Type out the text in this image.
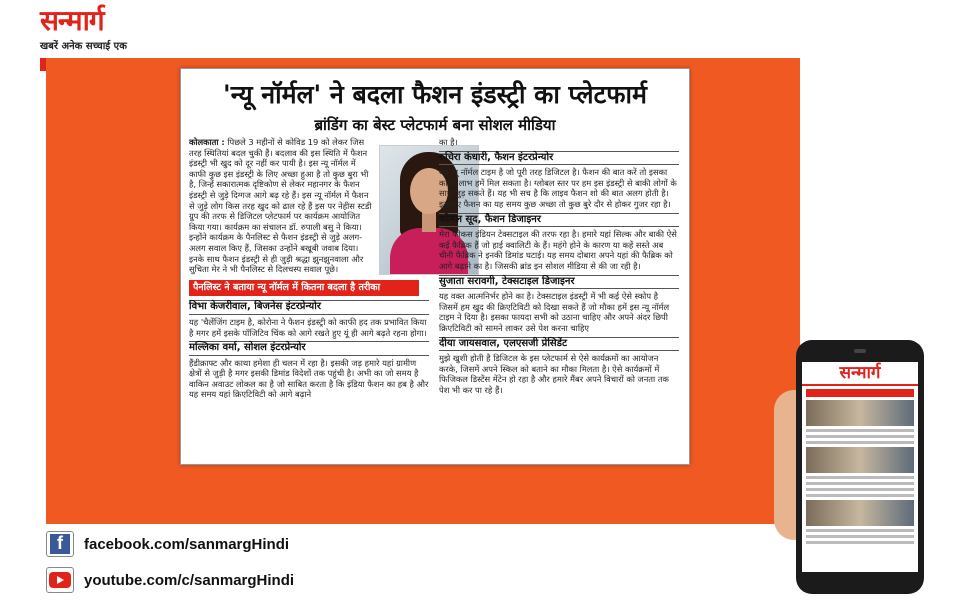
सन्मार्ग
खबरें अनेक सच्चाई एक
'न्यू नॉर्मल' ने बदला फैशन इंडस्ट्री का प्लेटफार्म
ब्रांडिंग का बेस्ट प्लेटफार्म बना सोशल मीडिया
कोलकाता : पिछले 3 महीनों से कोविड 19 को लेकर जिस तरह स्थितियां बदल चुकी हैं। बदलाव की इस स्थिति में फैशन इंडस्ट्री भी खुद को दूर नहीं कर पायी है। इस न्यू नॉर्मल में काफी कुछ इस इंडस्ट्री के लिए अच्छा हुआ है तो कुछ बुरा भी है, जिन्हें सकारात्मक दृष्टिकोण से लेकर महानगर के फैशन इंडस्ट्री से जुड़े दिग्गज आगे बढ़ रहे हैं। इस न्यू नॉर्मल में फैशन से जुड़े लोग किस तरह खुद को ढाल रहे हैं इस पर नेहीस स्टडी ग्रुप की तरफ से डिजिटल प्लेटफार्म पर कार्यक्रम आयोजित किया गया। कार्यक्रम का संचालन डॉ. रुपाली बसु ने किया। इन्होंने कार्यक्रम के पैनलिस्ट से फैशन इंडस्ट्री से जुड़े अलग-अलग सवाल किए हैं, जिसका उन्होंने बखूबी जवाब दिया। इनके साथ फैशन इंडस्ट्री से ही जुड़ी श्रद्धा झुनझुनवाला और सुचिता मेर ने भी पैनलिस्ट से दिलचस्प सवाल पूछे।
पैनलिस्ट ने बताया न्यू नॉर्मल में कितना बदला है तरीका
विभा केजरीवाल, बिजनेस इंटरप्रेन्योर
यह 'चैलेंजिंग टाइम है, कोरोना ने फैशन इंडस्ट्री को काफी हद तक प्रभावित किया है मगर हमें इसके पॉजिटिव चिंक को आगे रखते हुए यूं ही आगे बढ़ते रहना होगा।
मल्लिका वर्मा, सोशल इंटरप्रेन्योर
हैंडीक्राफ्ट और काथा हमेशा ही चलन में रहा है। इसकी जड़ हमारे यहां ग्रामीण क्षेत्रों से जुड़ी है मगर इसकी डिमांड विदेशों तक पहुंची है। अभी का जो समय है वाकिन अवाउट लोकल का है जो साबित करता है कि इंडिया फैशन का हब है और यह समय यहां क्रिएटिविटी को आगे बढ़ाने
का है।
रुचिरा कंधारी, फैशन इंटरप्रेन्योर
यह न्यू नॉर्मल टाइम है जो पूरी तरह डिजिटल है। फैशन की बात करें तो इसका काफी लाभ हमें मिल सकता है। ग्लोबल स्तर पर हम इस इंडस्ट्री से बाकी लोगों के साथ जुड़ सकते हैं। यह भी सच है कि लाइव फैशन शो की बात अलग होती है। इसलिए फैशन का यह समय कुछ अच्छा तो कुछ बुरे दौर से होकर गुजर रहा है।
कोमल सूद, फैशन डिजाइनर
मेरा फोकस इंडियन टेक्सटाइल की तरफ रहा है। हमारे यहां सिल्क और बाकी ऐसे कई फैब्रिक हैं जो हाई क्वालिटी के हैं। महंगे होने के कारण या कहें सस्ते अब चीनी फैब्रिक ने इनकी डिमांड घटाई। यह समय दोबारा अपने यहां की फैब्रिक को आगे बढ़ाने का है। जिसकी ब्रांड इन सोशल मीडिया से की जा रही है।
सुजाता सरावगी, टेक्सटाइल डिजाइनर
यह वक्त आत्मनिर्भर होने का है। टेक्सटाइल इंडस्ट्री में भी कई ऐसे स्कोप है जिसमें हम खुद की क्रिएटिविटी को दिखा सकते हैं जो मौका हमें इस न्यू नॉर्मल टाइम ने दिया है। इसका फायदा सभी को उठाना चाहिए और अपने अंदर छिपी क्रिएटिविटी को सामने लाकर उसे पेश करना चाहिए
दीया जायसवाल, एलएसजी प्रेसिडेंट
मुझे खुशी होती है डिजिटल के इस प्लेटफार्म से ऐसे कार्यक्रमों का आयोजन करके, जिसमें अपने स्किल को बताने का मौका मिलता है। ऐसे कार्यक्रमों में फिजिकल डिस्टेंस मेंटेन हो रहा है और हमारे मैंबर अपने विचारों को जनता तक पेश भी कर पा रहे हैं।
f	facebook.com/sanmargHindi
youtube.com/c/sanmargHindi
सन्मार्ग
